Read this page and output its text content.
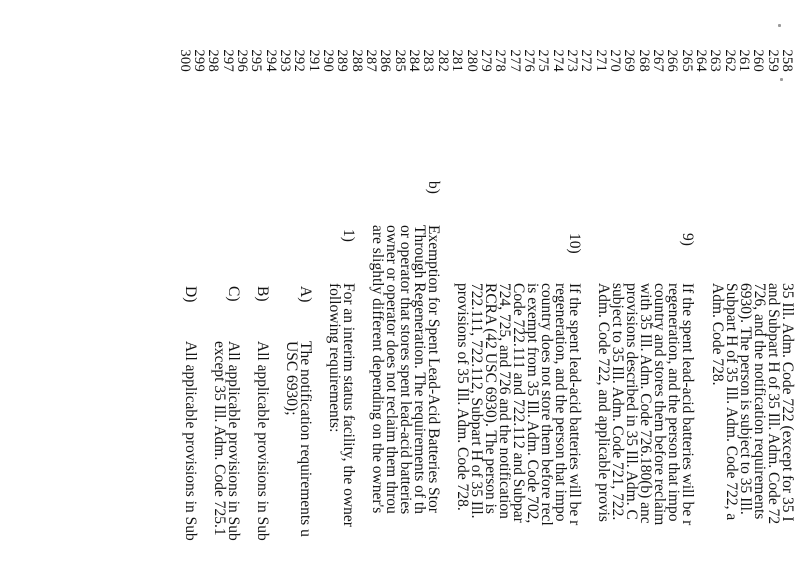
258
259
260
261
262
263
264
265
266
267
268
269
270
271
272
273
274
275
276
277
278
279
280
281
282
283
284
285
286
287
288
289
290
291
292
293
294
295
296
297
298
299
300
35 Ill. Adm. Code 722 (except for 35 I
and Subpart H of 35 Ill. Adm. Code 72
726, and the notification requirements
6930). The person is subject to 35 Ill.
Subpart H of 35 Ill. Adm. Code 722, a
Adm. Code 728.
If the spent lead-acid batteries will be r
regeneration, and the person that impo
country and stores them before reclaim
with 35 Ill. Adm. Code 726.180(b) anc
provisions described in 35 Ill. Adm. C
subject to 35 Ill. Adm. Code 721, 722.
Adm. Code 722, and applicable provis
If the spent lead-acid batteries will be r
regeneration, and the person that impo
country does not store them before recl
is exempt from 35 Ill. Adm. Code 702,
Code 722.111 and 722.112 and Subpar
724, 725, and 726 and the notification
RCRA (42 USC 6930). The person is
722.111, 722.112, Subpart H of 35 Ill.
provisions of 35 Ill. Adm. Code 728.
Exemption for Spent Lead-Acid Batteries Stor
Through Regeneration. The requirements of th
or operator that stores spent lead-acid batteries
owner or operator does not reclaim them throu
are slightly different depending on the owner's
For an interim status facility, the owner
following requirements:
The notification requirements u
USC 6930);
All applicable provisions in Sub
All applicable provisions in Sub
except 35 Ill. Adm. Code 725.1
All applicable provisions in Sub
9)
10)
b)
1)
A)
B)
C)
D)
